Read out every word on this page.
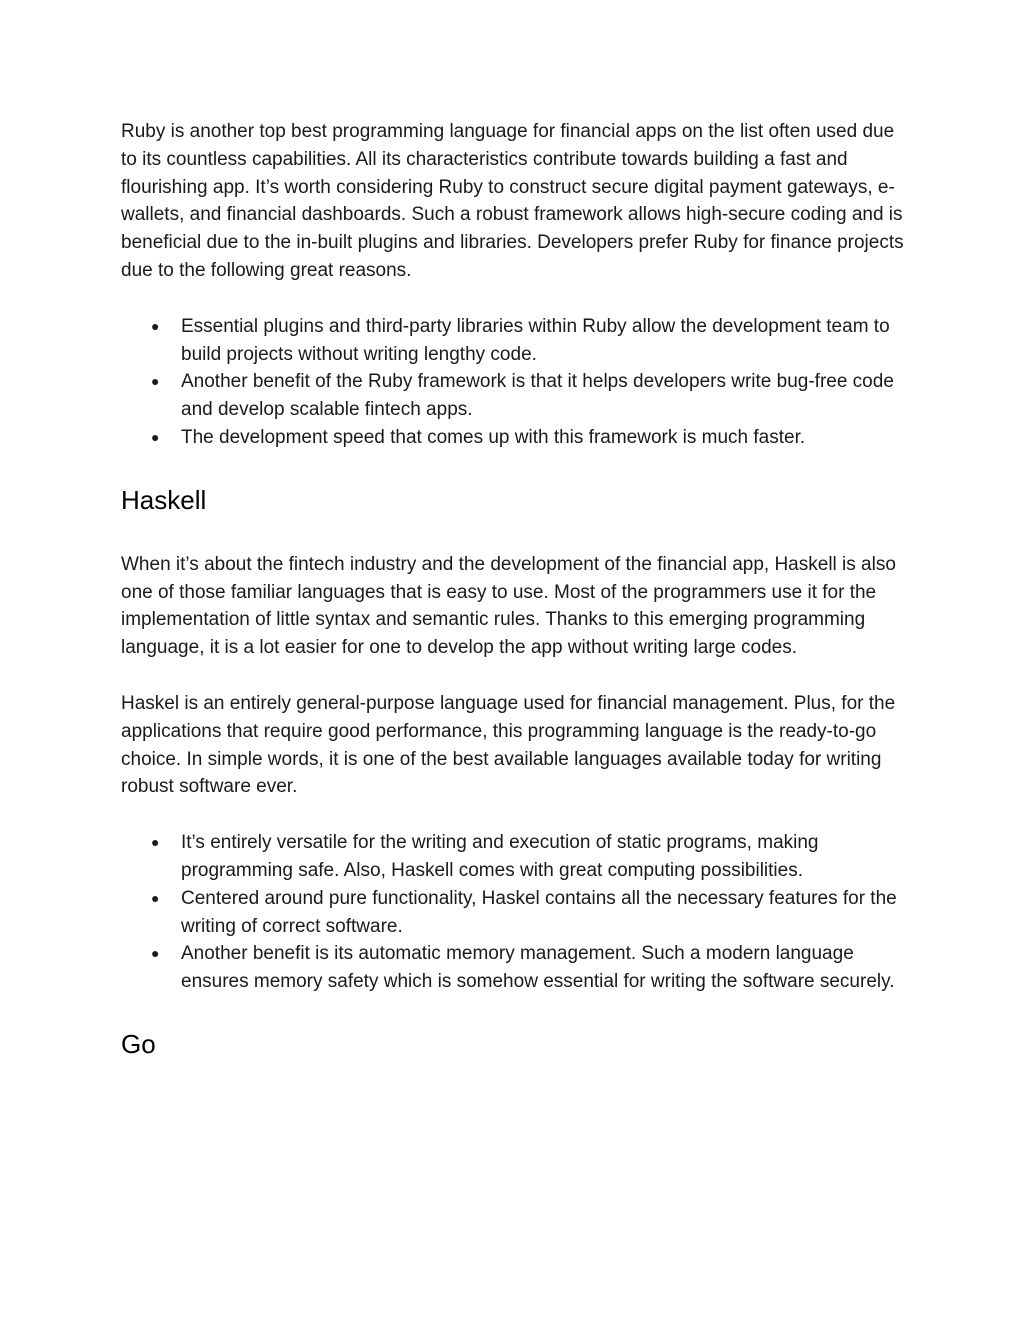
Ruby is another top best programming language for financial apps on the list often used due to its countless capabilities. All its characteristics contribute towards building a fast and flourishing app. It’s worth considering Ruby to construct secure digital payment gateways, e-wallets, and financial dashboards. Such a robust framework allows high-secure coding and is beneficial due to the in-built plugins and libraries. Developers prefer Ruby for finance projects due to the following great reasons.

● Essential plugins and third-party libraries within Ruby allow the development team to build projects without writing lengthy code.
● Another benefit of the Ruby framework is that it helps developers write bug-free code and develop scalable fintech apps.
● The development speed that comes up with this framework is much faster.
Haskell

When it’s about the fintech industry and the development of the financial app, Haskell is also one of those familiar languages that is easy to use. Most of the programmers use it for the implementation of little syntax and semantic rules. Thanks to this emerging programming language, it is a lot easier for one to develop the app without writing large codes.

Haskel is an entirely general-purpose language used for financial management. Plus, for the applications that require good performance, this programming language is the ready-to-go choice. In simple words, it is one of the best available languages available today for writing robust software ever.

● It’s entirely versatile for the writing and execution of static programs, making programming safe. Also, Haskell comes with great computing possibilities.
● Centered around pure functionality, Haskel contains all the necessary features for the writing of correct software.
● Another benefit is its automatic memory management. Such a modern language ensures memory safety which is somehow essential for writing the software securely.
Go
